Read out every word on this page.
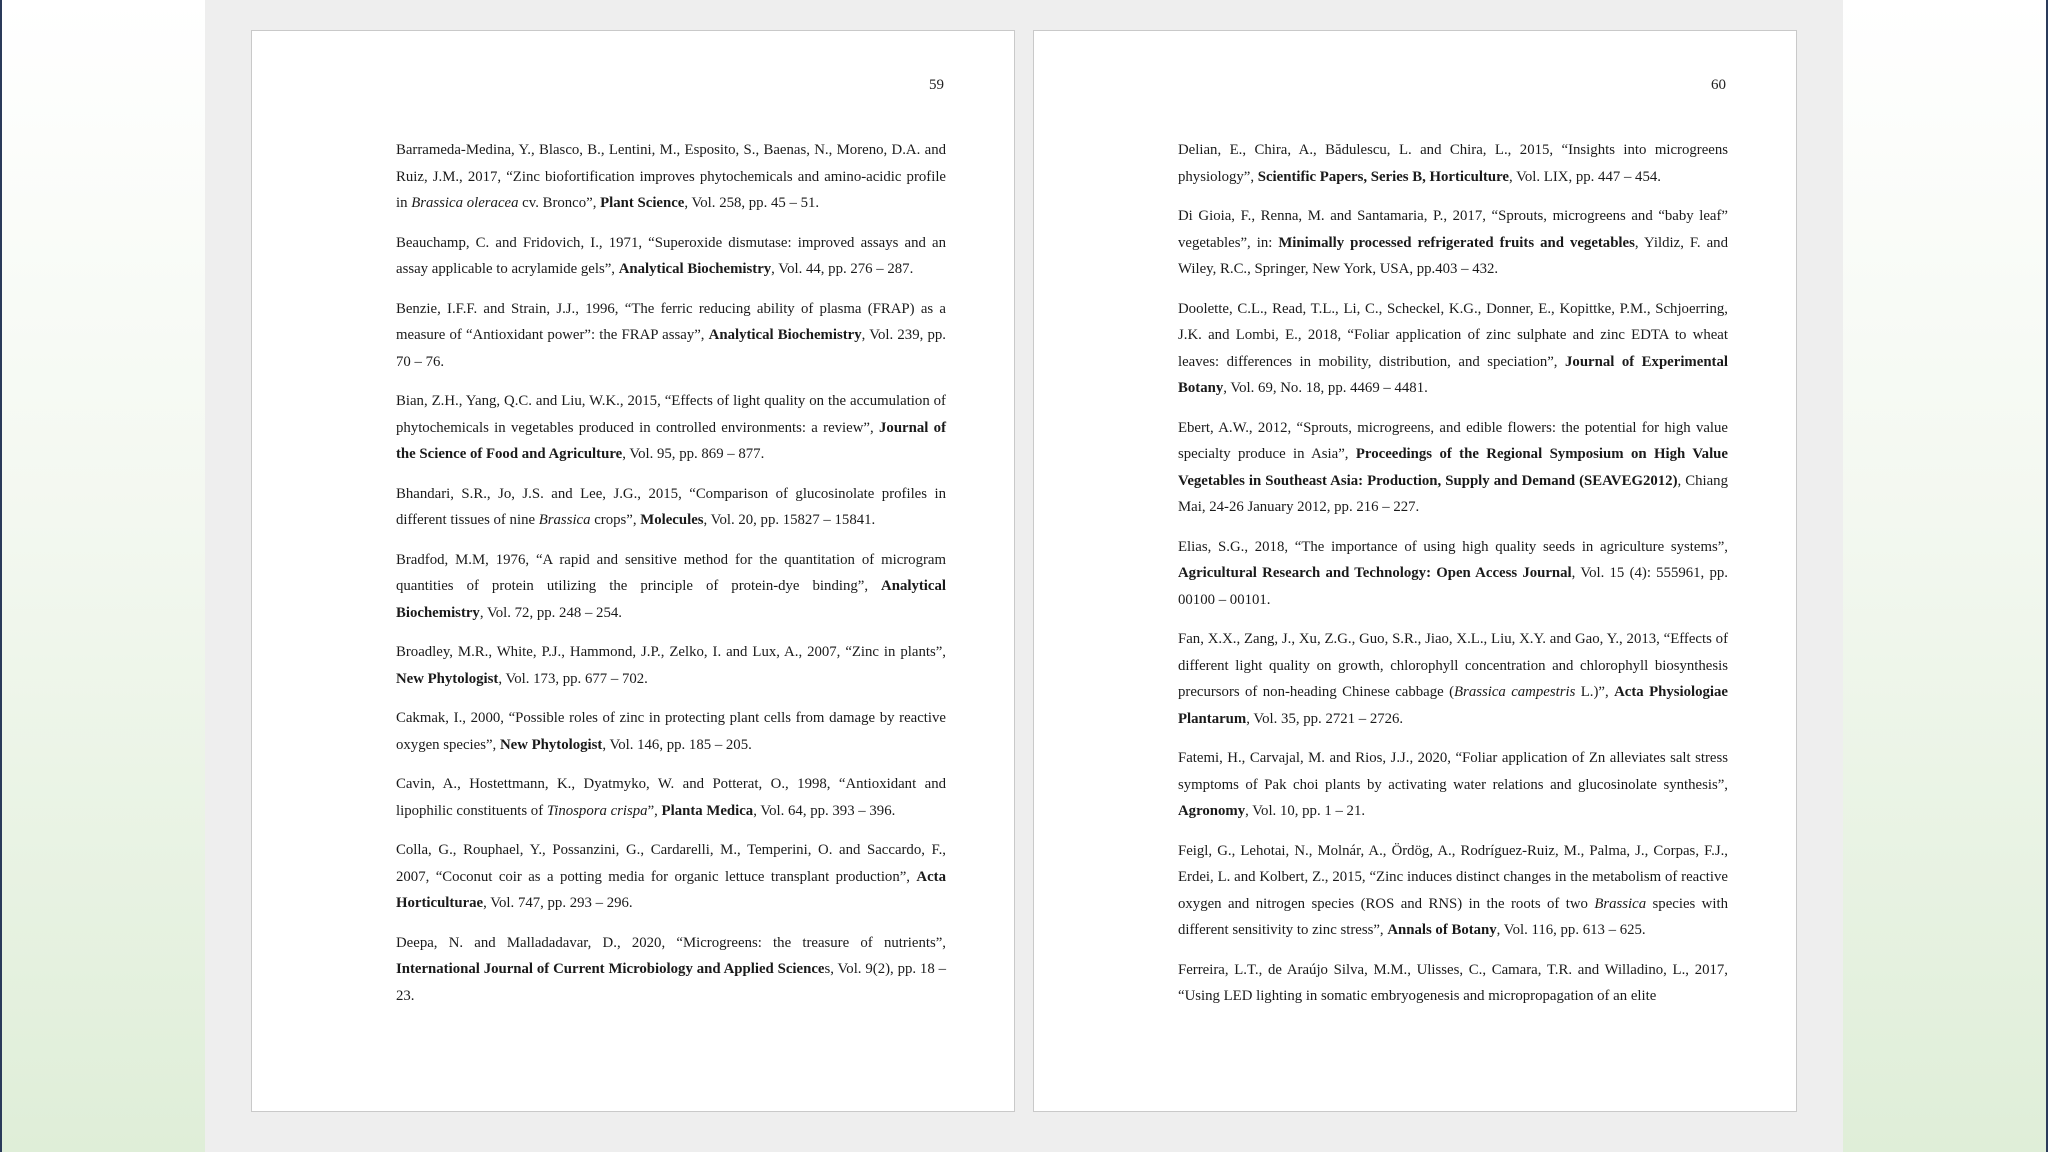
59

Barrameda-Medina, Y., Blasco, B., Lentini, M., Esposito, S., Baenas, N., Moreno, D.A. and Ruiz, J.M., 2017, “Zinc biofortification improves phytochemicals and amino-acidic profile in Brassica oleracea cv. Bronco”, Plant Science, Vol. 258, pp. 45 – 51.

Beauchamp, C. and Fridovich, I., 1971, “Superoxide dismutase: improved assays and an assay applicable to acrylamide gels”, Analytical Biochemistry, Vol. 44, pp. 276 – 287.

Benzie, I.F.F. and Strain, J.J., 1996, “The ferric reducing ability of plasma (FRAP) as a measure of “Antioxidant power”: the FRAP assay”, Analytical Biochemistry, Vol. 239, pp. 70 – 76.

Bian, Z.H., Yang, Q.C. and Liu, W.K., 2015, “Effects of light quality on the accumulation of phytochemicals in vegetables produced in controlled environments: a review”, Journal of the Science of Food and Agriculture, Vol. 95, pp. 869 – 877.

Bhandari, S.R., Jo, J.S. and Lee, J.G., 2015, “Comparison of glucosinolate profiles in different tissues of nine Brassica crops”, Molecules, Vol. 20, pp. 15827 – 15841.

Bradfod, M.M, 1976, “A rapid and sensitive method for the quantitation of microgram quantities of protein utilizing the principle of protein-dye binding”, Analytical Biochemistry, Vol. 72, pp. 248 – 254.

Broadley, M.R., White, P.J., Hammond, J.P., Zelko, I. and Lux, A., 2007, “Zinc in plants”, New Phytologist, Vol. 173, pp. 677 – 702.

Cakmak, I., 2000, “Possible roles of zinc in protecting plant cells from damage by reactive oxygen species”, New Phytologist, Vol. 146, pp. 185 – 205.

Cavin, A., Hostettmann, K., Dyatmyko, W. and Potterat, O., 1998, “Antioxidant and lipophilic constituents of Tinospora crispa”, Planta Medica, Vol. 64, pp. 393 – 396.

Colla, G., Rouphael, Y., Possanzini, G., Cardarelli, M., Temperini, O. and Saccardo, F., 2007, “Coconut coir as a potting media for organic lettuce transplant production”, Acta Horticulturae, Vol. 747, pp. 293 – 296.

Deepa, N. and Malladadavar, D., 2020, “Microgreens: the treasure of nutrients”, International Journal of Current Microbiology and Applied Sciences, Vol. 9(2), pp. 18 – 23.

60

Delian, E., Chira, A., Bădulescu, L. and Chira, L., 2015, “Insights into microgreens physiology”, Scientific Papers, Series B, Horticulture, Vol. LIX, pp. 447 – 454.

Di Gioia, F., Renna, M. and Santamaria, P., 2017, “Sprouts, microgreens and “baby leaf” vegetables”, in: Minimally processed refrigerated fruits and vegetables, Yildiz, F. and Wiley, R.C., Springer, New York, USA, pp.403 – 432.

Doolette, C.L., Read, T.L., Li, C., Scheckel, K.G., Donner, E., Kopittke, P.M., Schjoerring, J.K. and Lombi, E., 2018, “Foliar application of zinc sulphate and zinc EDTA to wheat leaves: differences in mobility, distribution, and speciation”, Journal of Experimental Botany, Vol. 69, No. 18, pp. 4469 – 4481.

Ebert, A.W., 2012, “Sprouts, microgreens, and edible flowers: the potential for high value specialty produce in Asia”, Proceedings of the Regional Symposium on High Value Vegetables in Southeast Asia: Production, Supply and Demand (SEAVEG2012), Chiang Mai, 24-26 January 2012, pp. 216 – 227.

Elias, S.G., 2018, “The importance of using high quality seeds in agriculture systems”, Agricultural Research and Technology: Open Access Journal, Vol. 15 (4): 555961, pp. 00100 – 00101.

Fan, X.X., Zang, J., Xu, Z.G., Guo, S.R., Jiao, X.L., Liu, X.Y. and Gao, Y., 2013, “Effects of different light quality on growth, chlorophyll concentration and chlorophyll biosynthesis precursors of non-heading Chinese cabbage (Brassica campestris L.)”, Acta Physiologiae Plantarum, Vol. 35, pp. 2721 – 2726.

Fatemi, H., Carvajal, M. and Rios, J.J., 2020, “Foliar application of Zn alleviates salt stress symptoms of Pak choi plants by activating water relations and glucosinolate synthesis”, Agronomy, Vol. 10, pp. 1 – 21.

Feigl, G., Lehotai, N., Molnár, A., Ördög, A., Rodríguez-Ruiz, M., Palma, J., Corpas, F.J., Erdei, L. and Kolbert, Z., 2015, “Zinc induces distinct changes in the metabolism of reactive oxygen and nitrogen species (ROS and RNS) in the roots of two Brassica species with different sensitivity to zinc stress”, Annals of Botany, Vol. 116, pp. 613 – 625.

Ferreira, L.T., de Araújo Silva, M.M., Ulisses, C., Camara, T.R. and Willadino, L., 2017, “Using LED lighting in somatic embryogenesis and micropropagation of an elite
